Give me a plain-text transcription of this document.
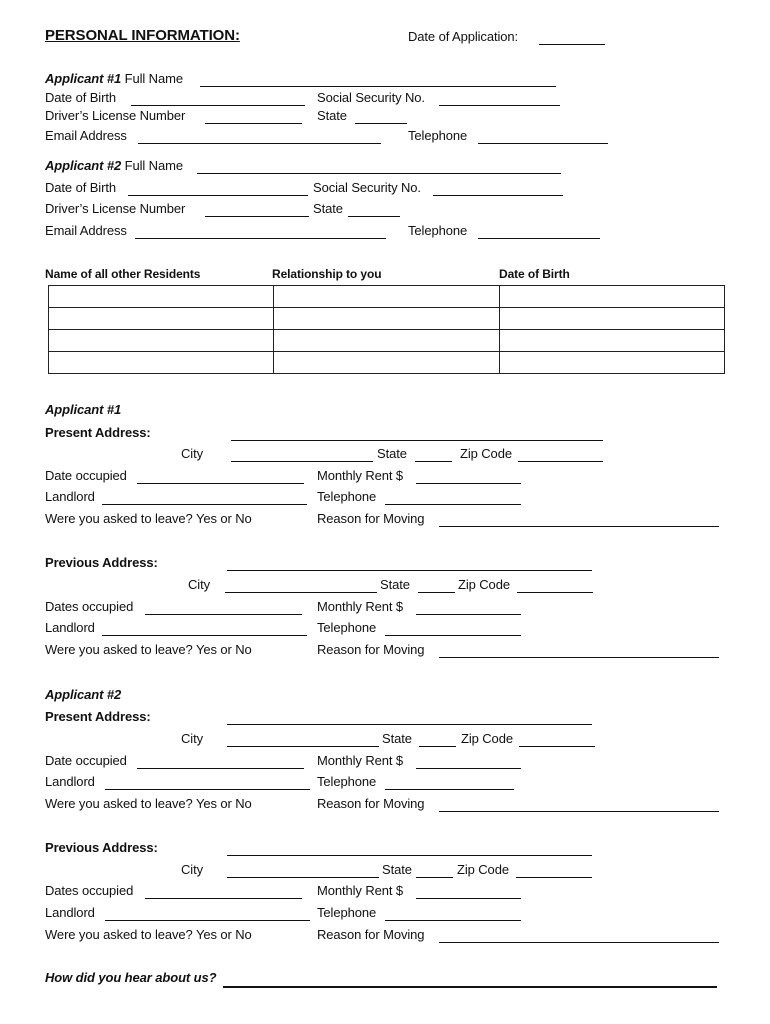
PERSONAL INFORMATION:	Date of Application:
Applicant #1 Full Name
Date of Birth	Social Security No.
Driver’s License Number	State
Email Address	Telephone
Applicant #2 Full Name
Date of Birth	Social Security No.
Driver’s License Number	State
Email Address	Telephone
Name of all other Residents	Relationship to you	Date of Birth

Applicant #1
Present Address:
City	State	Zip Code
Date occupied	Monthly Rent $
Landlord	Telephone
Were you asked to leave? Yes or No	Reason for Moving
Previous Address:
City	State	Zip Code
Dates occupied	Monthly Rent $
Landlord	Telephone
Were you asked to leave? Yes or No	Reason for Moving
Applicant #2
Present Address:
City	State	Zip Code
Date occupied	Monthly Rent $
Landlord	Telephone
Were you asked to leave? Yes or No	Reason for Moving
Previous Address:
City	State	Zip Code
Dates occupied	Monthly Rent $
Landlord	Telephone
Were you asked to leave? Yes or No	Reason for Moving
How did you hear about us?
